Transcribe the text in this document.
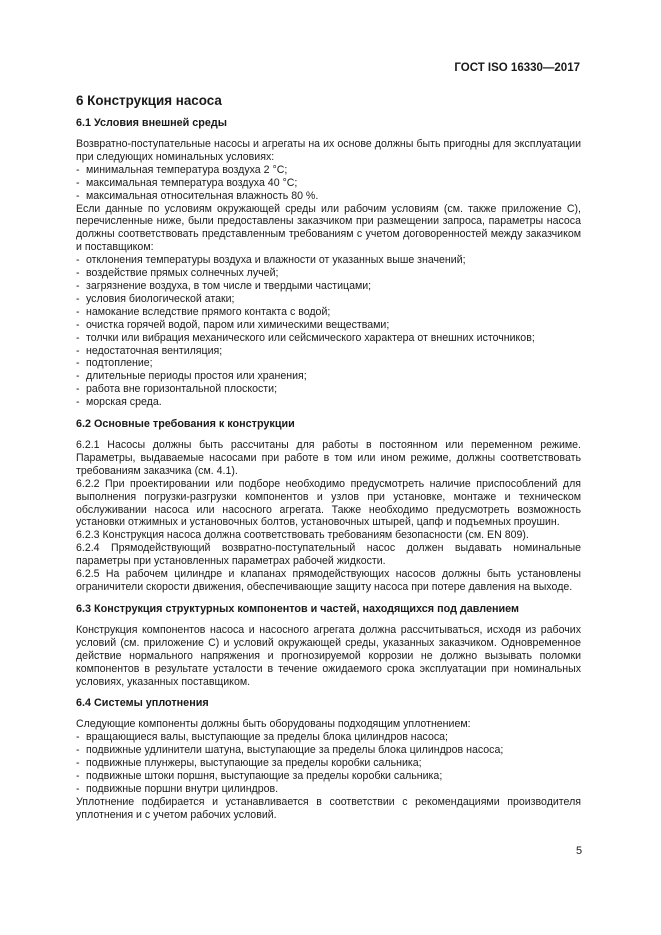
ГОСТ ISO 16330—2017
6 Конструкция насоса
6.1 Условия внешней среды

Возвратно-поступательные насосы и агрегаты на их основе должны быть пригодны для эксплуатации при следующих номинальных условиях:

- минимальная температура воздуха 2 °С;
- максимальная температура воздуха 40 °С;
- максимальная относительная влажность 80 %.

Если данные по условиям окружающей среды или рабочим условиям (см. также приложение С), перечисленные ниже, были предоставлены заказчиком при размещении запроса, параметры насоса должны соответствовать представленным требованиям с учетом договоренностей между заказчиком и поставщиком:

- отклонения температуры воздуха и влажности от указанных выше значений;
- воздействие прямых солнечных лучей;
- загрязнение воздуха, в том числе и твердыми частицами;
- условия биологической атаки;
- намокание вследствие прямого контакта с водой;
- очистка горячей водой, паром или химическими веществами;
- толчки или вибрация механического или сейсмического характера от внешних источников;
- недостаточная вентиляция;
- подтопление;
- длительные периоды простоя или хранения;
- работа вне горизонтальной плоскости;
- морская среда.
6.2 Основные требования к конструкции

6.2.1 Насосы должны быть рассчитаны для работы в постоянном или переменном режиме. Параметры, выдаваемые насосами при работе в том или ином режиме, должны соответствовать требованиям заказчика (см. 4.1).

6.2.2 При проектировании или подборе необходимо предусмотреть наличие приспособлений для выполнения погрузки-разгрузки компонентов и узлов при установке, монтаже и техническом обслуживании насоса или насосного агрегата. Также необходимо предусмотреть возможность установки отжимных и установочных болтов, установочных штырей, цапф и подъемных проушин.

6.2.3 Конструкция насоса должна соответствовать требованиям безопасности (см. EN 809).

6.2.4 Прямодействующий возвратно-поступательный насос должен выдавать номинальные параметры при установленных параметрах рабочей жидкости.

6.2.5 На рабочем цилиндре и клапанах прямодействующих насосов должны быть установлены ограничители скорости движения, обеспечивающие защиту насоса при потере давления на выходе.

6.3 Конструкция структурных компонентов и частей, находящихся под давлением

Конструкция компонентов насоса и насосного агрегата должна рассчитываться, исходя из рабочих условий (см. приложение С) и условий окружающей среды, указанных заказчиком. Одновременное действие нормального напряжения и прогнозируемой коррозии не должно вызывать поломки компонентов в результате усталости в течение ожидаемого срока эксплуатации при номинальных условиях, указанных поставщиком.

6.4 Системы уплотнения

Следующие компоненты должны быть оборудованы подходящим уплотнением:

- вращающиеся валы, выступающие за пределы блока цилиндров насоса;
- подвижные удлинители шатуна, выступающие за пределы блока цилиндров насоса;
- подвижные плунжеры, выступающие за пределы коробки сальника;
- подвижные штоки поршня, выступающие за пределы коробки сальника;
- подвижные поршни внутри цилиндров.

Уплотнение подбирается и устанавливается в соответствии с рекомендациями производителя уплотнения и с учетом рабочих условий.

5
